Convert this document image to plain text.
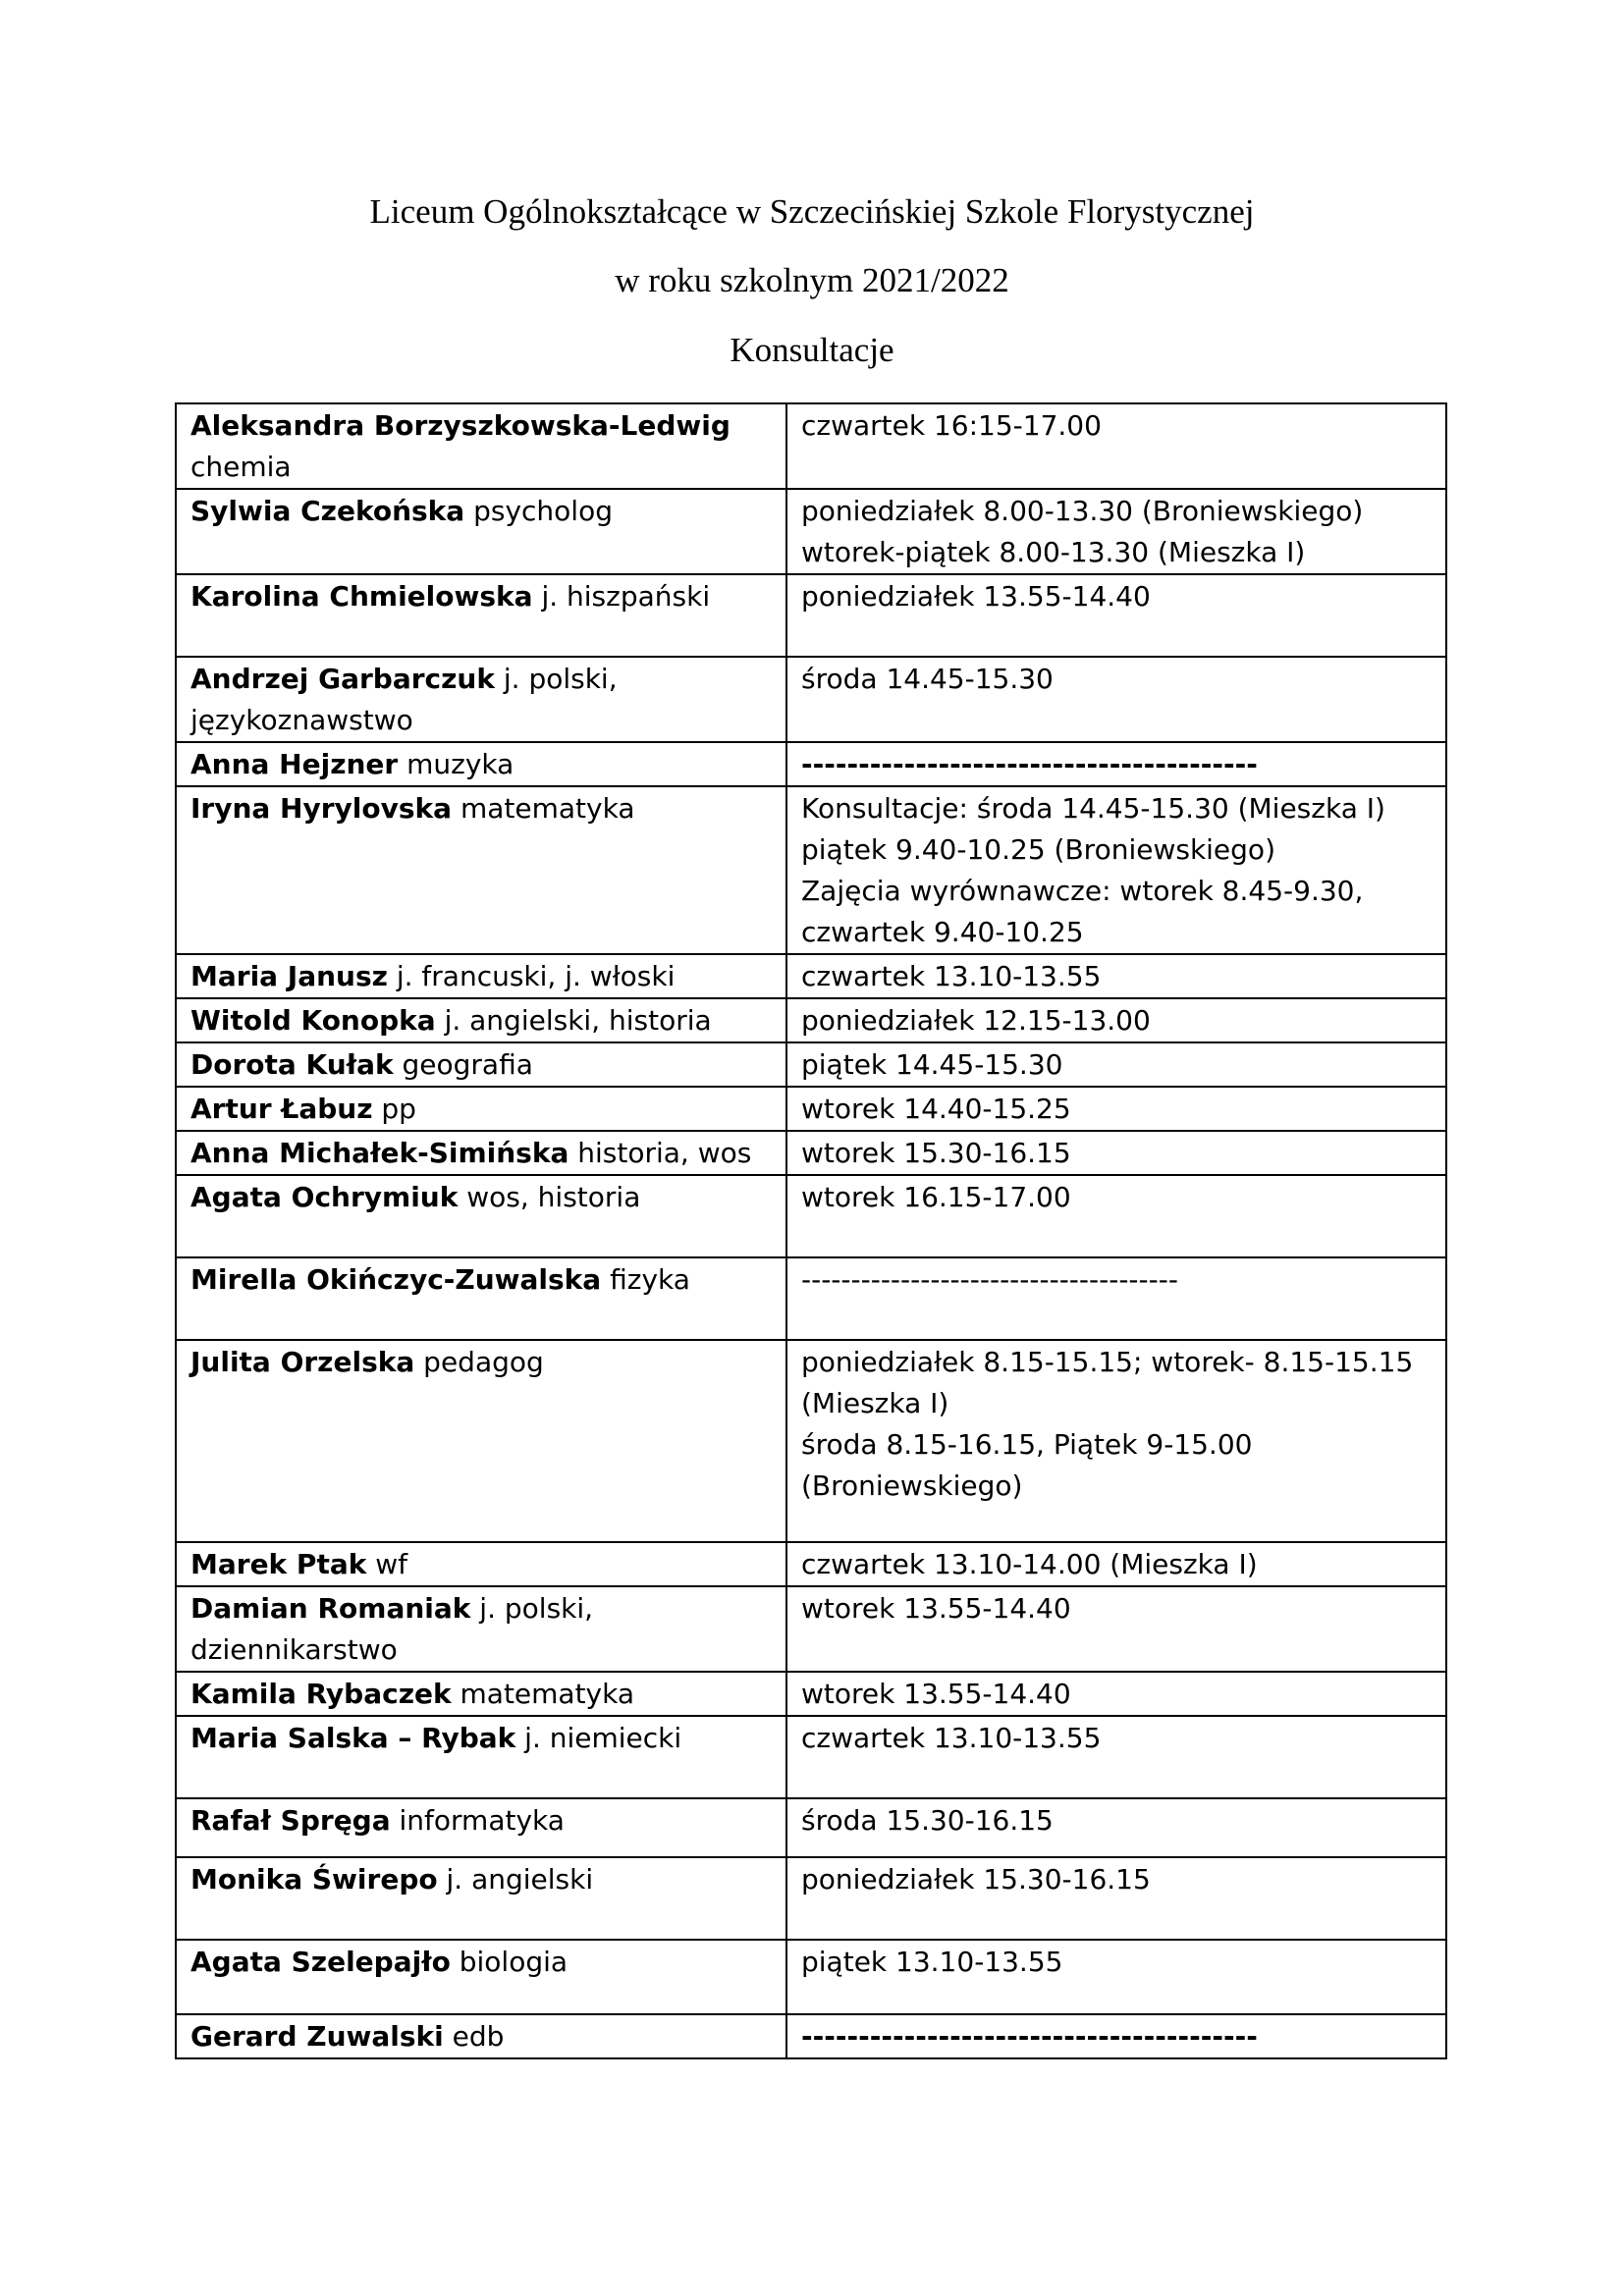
Liceum Ogólnokształcące w Szczecińskiej Szkole Florystycznej
w roku szkolnym 2021/2022
Konsultacje
Aleksandra Borzyszkowska-Ledwig chemia	czwartek 16:15-17.00
Sylwia Czekońska psycholog	poniedziałek 8.00-13.30 (Broniewskiego)
wtorek-piątek 8.00-13.30 (Mieszka I)
Karolina Chmielowska j. hiszpański	poniedziałek 13.55-14.40
Andrzej Garbarczuk j. polski,
językoznawstwo	środa 14.45-15.30
Anna Hejzner muzyka	----------------------------------------
Iryna Hyrylovska matematyka	Konsultacje: środa 14.45-15.30 (Mieszka I)
piątek 9.40-10.25 (Broniewskiego)
Zajęcia wyrównawcze: wtorek 8.45-9.30,
czwartek 9.40-10.25
Maria Janusz j. francuski, j. włoski	czwartek 13.10-13.55
Witold Konopka j. angielski, historia	poniedziałek 12.15-13.00
Dorota Kułak geografia	piątek 14.45-15.30
Artur Łabuz pp	wtorek 14.40-15.25
Anna Michałek-Simińska historia, wos	wtorek 15.30-16.15
Agata Ochrymiuk wos, historia	wtorek 16.15-17.00
Mirella Okińczyc-Zuwalska fizyka	--------------------------------------
Julita Orzelska pedagog	poniedziałek 8.15-15.15; wtorek- 8.15-15.15
(Mieszka I)
środa 8.15-16.15, Piątek 9-15.00
(Broniewskiego)
Marek Ptak wf	czwartek 13.10-14.00 (Mieszka I)
Damian Romaniak j. polski, dziennikarstwo	wtorek 13.55-14.40
Kamila Rybaczek matematyka	wtorek 13.55-14.40
Maria Salska – Rybak j. niemiecki	czwartek 13.10-13.55
Rafał Spręga informatyka	środa 15.30-16.15
Monika Świrepo j. angielski	poniedziałek 15.30-16.15
Agata Szelepajło biologia	piątek 13.10-13.55
Gerard Zuwalski edb	----------------------------------------
